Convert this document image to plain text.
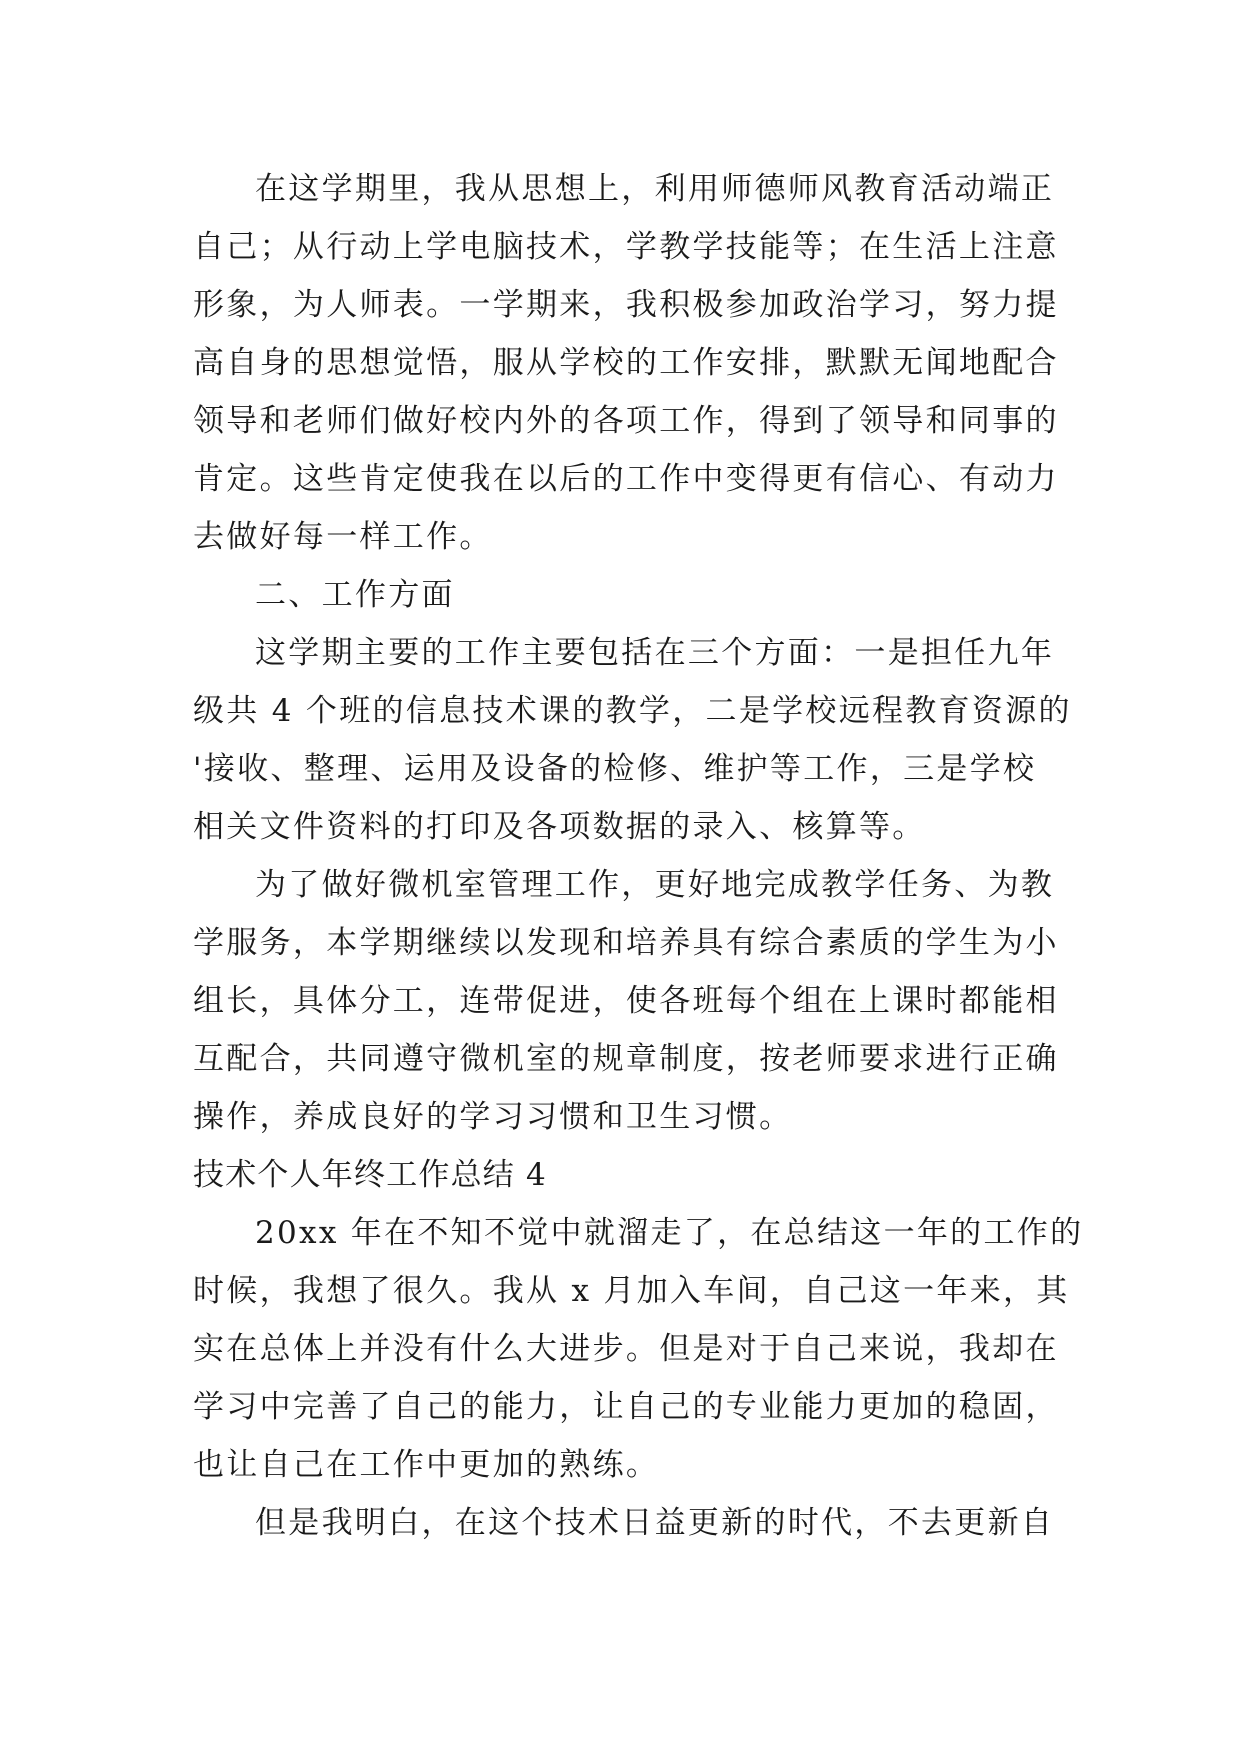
在这学期里，我从思想上，利用师德师风教育活动端正
自己；从行动上学电脑技术，学教学技能等；在生活上注意
形象，为人师表。一学期来，我积极参加政治学习，努力提
高自身的思想觉悟，服从学校的工作安排，默默无闻地配合
领导和老师们做好校内外的各项工作，得到了领导和同事的
肯定。这些肯定使我在以后的工作中变得更有信心、有动力
去做好每一样工作。
二、工作方面
这学期主要的工作主要包括在三个方面：一是担任九年
级共 4 个班的信息技术课的教学，二是学校远程教育资源的
'接收、整理、运用及设备的检修、维护等工作，三是学校
相关文件资料的打印及各项数据的录入、核算等。
为了做好微机室管理工作，更好地完成教学任务、为教
学服务，本学期继续以发现和培养具有综合素质的学生为小
组长，具体分工，连带促进，使各班每个组在上课时都能相
互配合，共同遵守微机室的规章制度，按老师要求进行正确
操作，养成良好的学习习惯和卫生习惯。
技术个人年终工作总结 4
20xx 年在不知不觉中就溜走了，在总结这一年的工作的
时候，我想了很久。我从 x 月加入车间，自己这一年来，其
实在总体上并没有什么大进步。但是对于自己来说，我却在
学习中完善了自己的能力，让自己的专业能力更加的稳固，
也让自己在工作中更加的熟练。
但是我明白，在这个技术日益更新的时代，不去更新自
